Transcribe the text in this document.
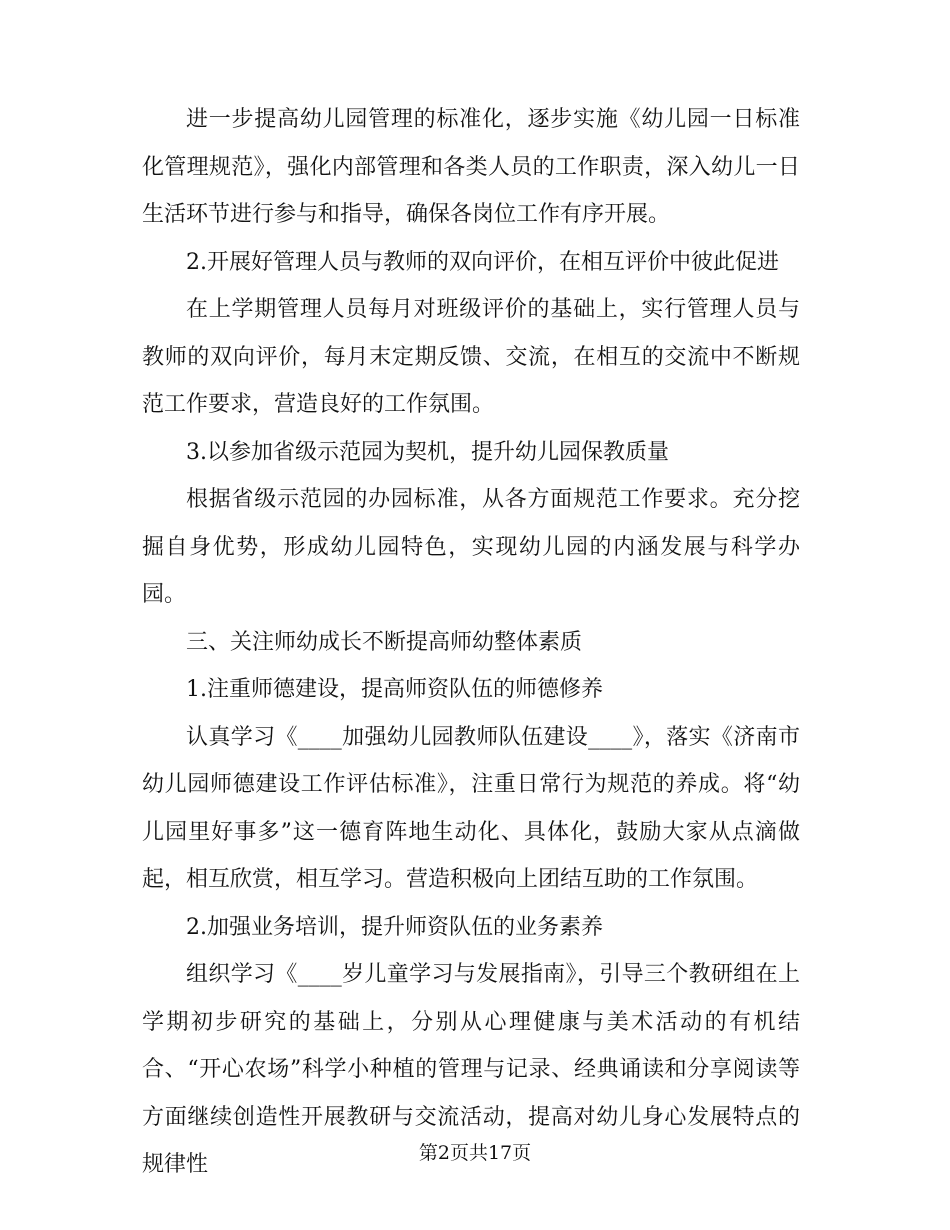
进一步提高幼儿园管理的标准化，逐步实施《幼儿园一日标准化管理规范》，强化内部管理和各类人员的工作职责，深入幼儿一日生活环节进行参与和指导，确保各岗位工作有序开展。

2.开展好管理人员与教师的双向评价，在相互评价中彼此促进

在上学期管理人员每月对班级评价的基础上，实行管理人员与教师的双向评价，每月末定期反馈、交流，在相互的交流中不断规范工作要求，营造良好的工作氛围。

3.以参加省级示范园为契机，提升幼儿园保教质量

根据省级示范园的办园标准，从各方面规范工作要求。充分挖掘自身优势，形成幼儿园特色，实现幼儿园的内涵发展与科学办园。

三、关注师幼成长不断提高师幼整体素质

1.注重师德建设，提高师资队伍的师德修养

认真学习《____加强幼儿园教师队伍建设____》，落实《济南市幼儿园师德建设工作评估标准》，注重日常行为规范的养成。将“幼儿园里好事多”这一德育阵地生动化、具体化，鼓励大家从点滴做起，相互欣赏，相互学习。营造积极向上团结互助的工作氛围。

2.加强业务培训，提升师资队伍的业务素养

组织学习《____岁儿童学习与发展指南》，引导三个教研组在上学期初步研究的基础上，分别从心理健康与美术活动的有机结合、“开心农场”科学小种植的管理与记录、经典诵读和分享阅读等方面继续创造性开展教研与交流活动，提高对幼儿身心发展特点的规律性	第2页共17页
